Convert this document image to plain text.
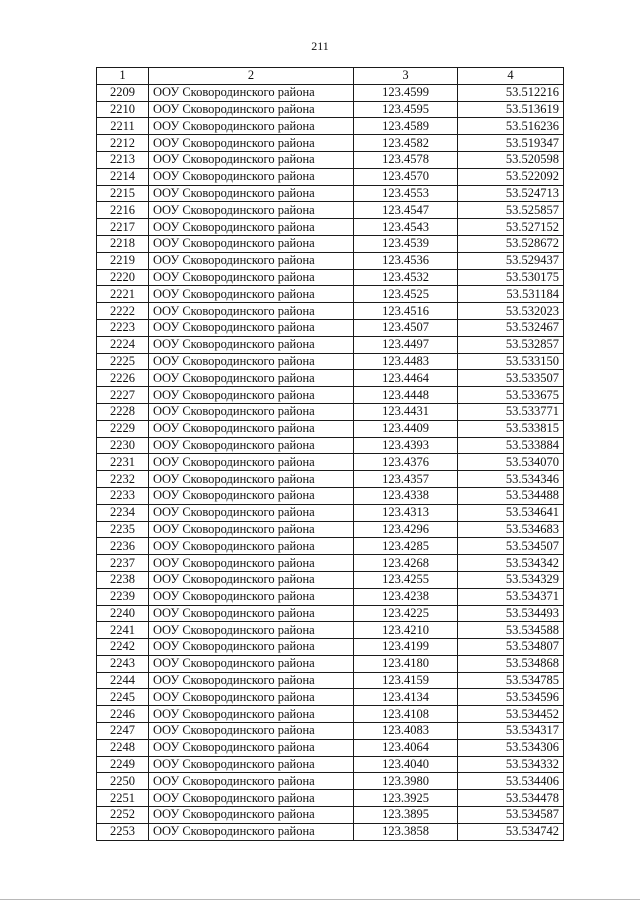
211
1	2	3	4
2209	ООУ Сковородинского района	123.4599	53.512216
2210	ООУ Сковородинского района	123.4595	53.513619
2211	ООУ Сковородинского района	123.4589	53.516236
2212	ООУ Сковородинского района	123.4582	53.519347
2213	ООУ Сковородинского района	123.4578	53.520598
2214	ООУ Сковородинского района	123.4570	53.522092
2215	ООУ Сковородинского района	123.4553	53.524713
2216	ООУ Сковородинского района	123.4547	53.525857
2217	ООУ Сковородинского района	123.4543	53.527152
2218	ООУ Сковородинского района	123.4539	53.528672
2219	ООУ Сковородинского района	123.4536	53.529437
2220	ООУ Сковородинского района	123.4532	53.530175
2221	ООУ Сковородинского района	123.4525	53.531184
2222	ООУ Сковородинского района	123.4516	53.532023
2223	ООУ Сковородинского района	123.4507	53.532467
2224	ООУ Сковородинского района	123.4497	53.532857
2225	ООУ Сковородинского района	123.4483	53.533150
2226	ООУ Сковородинского района	123.4464	53.533507
2227	ООУ Сковородинского района	123.4448	53.533675
2228	ООУ Сковородинского района	123.4431	53.533771
2229	ООУ Сковородинского района	123.4409	53.533815
2230	ООУ Сковородинского района	123.4393	53.533884
2231	ООУ Сковородинского района	123.4376	53.534070
2232	ООУ Сковородинского района	123.4357	53.534346
2233	ООУ Сковородинского района	123.4338	53.534488
2234	ООУ Сковородинского района	123.4313	53.534641
2235	ООУ Сковородинского района	123.4296	53.534683
2236	ООУ Сковородинского района	123.4285	53.534507
2237	ООУ Сковородинского района	123.4268	53.534342
2238	ООУ Сковородинского района	123.4255	53.534329
2239	ООУ Сковородинского района	123.4238	53.534371
2240	ООУ Сковородинского района	123.4225	53.534493
2241	ООУ Сковородинского района	123.4210	53.534588
2242	ООУ Сковородинского района	123.4199	53.534807
2243	ООУ Сковородинского района	123.4180	53.534868
2244	ООУ Сковородинского района	123.4159	53.534785
2245	ООУ Сковородинского района	123.4134	53.534596
2246	ООУ Сковородинского района	123.4108	53.534452
2247	ООУ Сковородинского района	123.4083	53.534317
2248	ООУ Сковородинского района	123.4064	53.534306
2249	ООУ Сковородинского района	123.4040	53.534332
2250	ООУ Сковородинского района	123.3980	53.534406
2251	ООУ Сковородинского района	123.3925	53.534478
2252	ООУ Сковородинского района	123.3895	53.534587
2253	ООУ Сковородинского района	123.3858	53.534742
